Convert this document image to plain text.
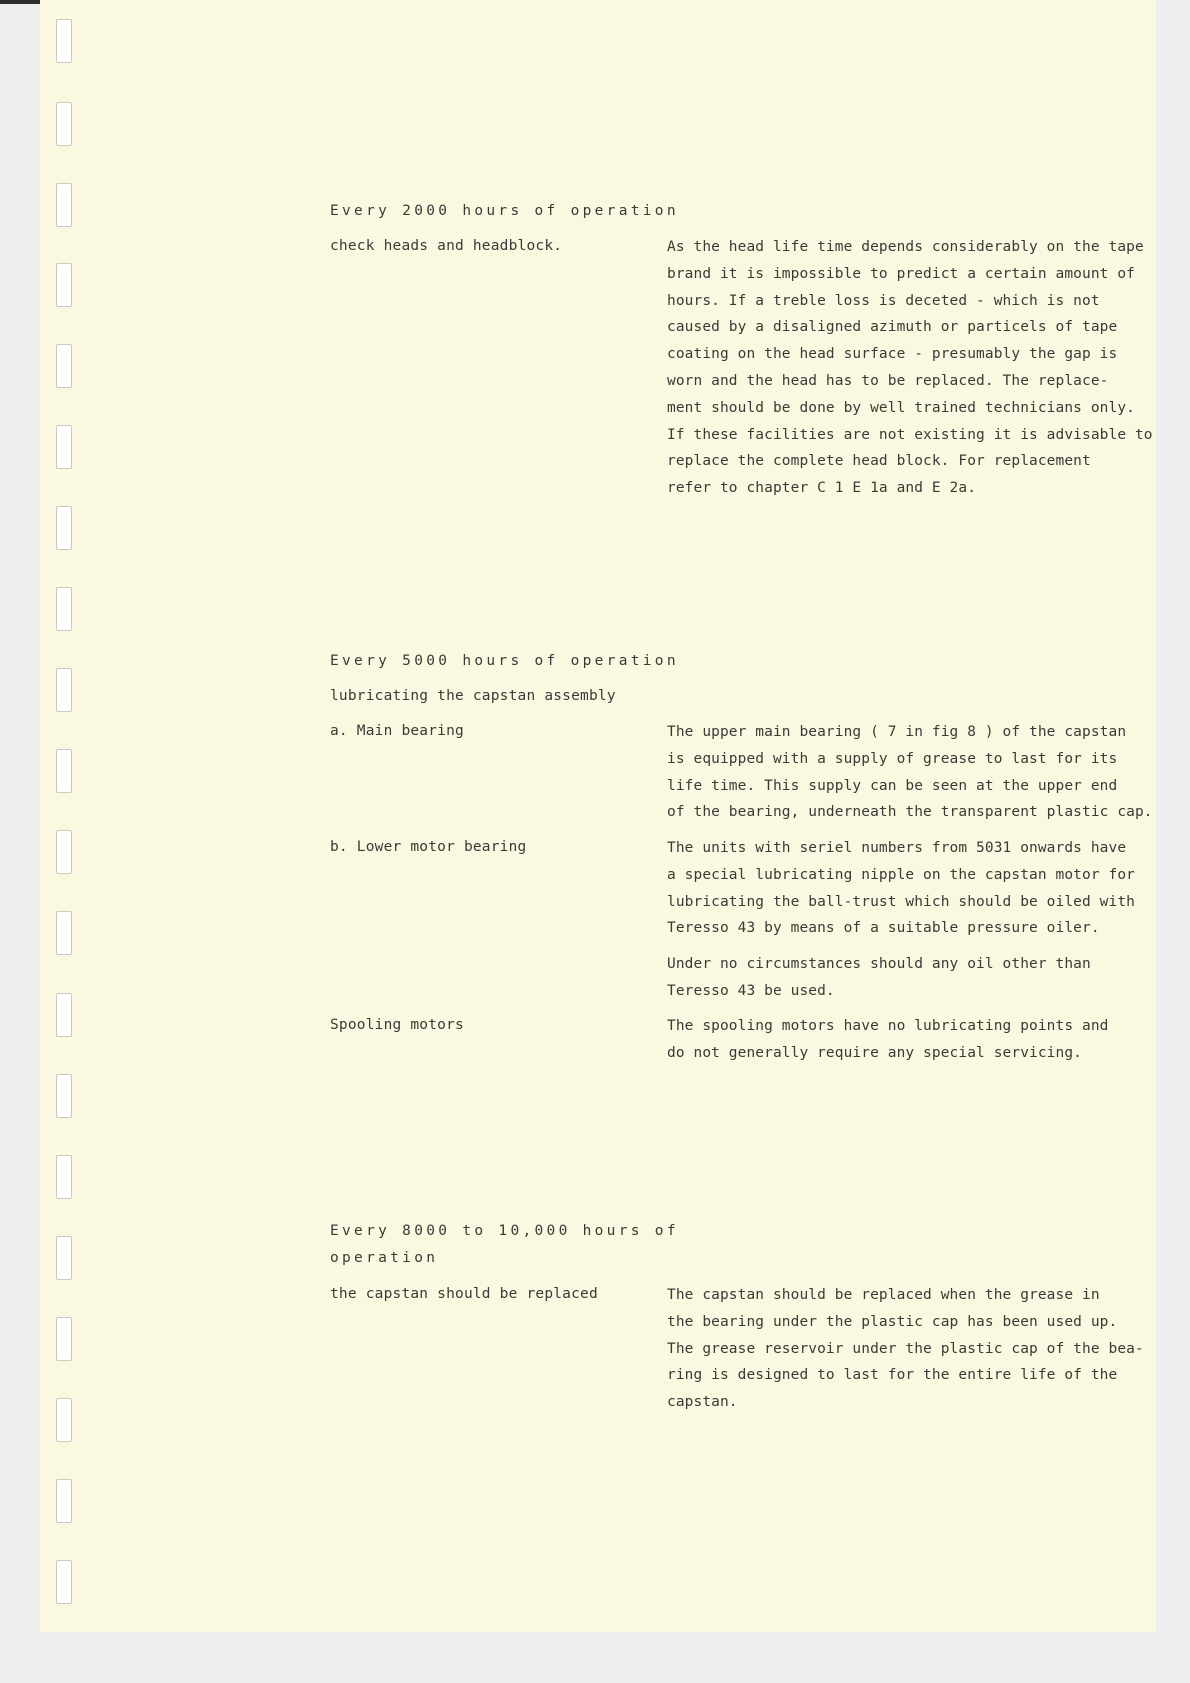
Every 2000 hours of operation
check heads and headblock.	As the head life time depends considerably on the tape
brand it is impossible to predict a certain amount of
hours. If a treble loss is deceted - which is not
caused by a disaligned azimuth or particels of tape
coating on the head surface - presumably the gap is
worn and the head has to be replaced. The replace-
ment should be done by well trained technicians only.
If these facilities are not existing it is advisable to
replace the complete head block. For replacement
refer to chapter C 1 E 1a and E 2a.
Every 5000 hours of operation
lubricating the capstan assembly
a. Main bearing	The upper main bearing ( 7 in fig 8 ) of the capstan
is equipped with a supply of grease to last for its
life time. This supply can be seen at the upper end
of the bearing, underneath the transparent plastic cap.
b. Lower motor bearing	The units with seriel numbers from 5031 onwards have
a special lubricating nipple on the capstan motor for
lubricating the ball-trust which should be oiled with
Teresso 43 by means of a suitable pressure oiler.
Under no circumstances should any oil other than
Teresso 43 be used.
Spooling motors	The spooling motors have no lubricating points and
do not generally require any special servicing.
Every 8000 to 10,000 hours of
operation
the capstan should be replaced	The capstan should be replaced when the grease in
the bearing under the plastic cap has been used up.
The grease reservoir under the plastic cap of the bea-
ring is designed to last for the entire life of the
capstan.
